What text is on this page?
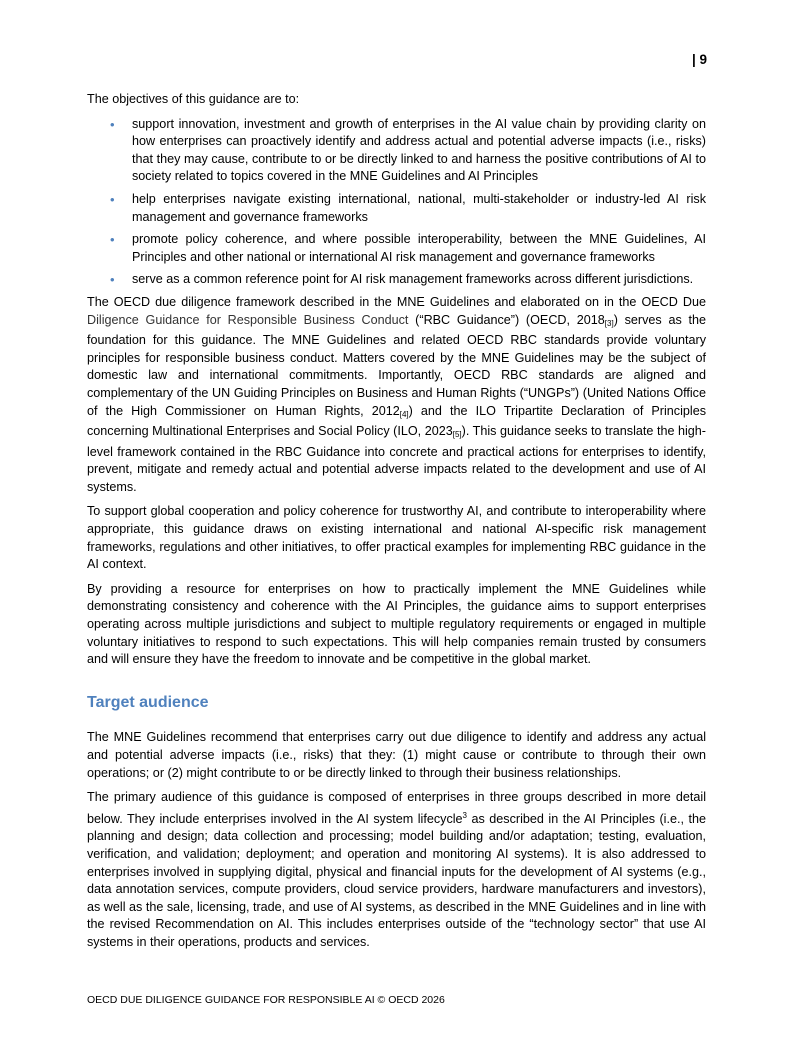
| 9

The objectives of this guidance are to:

• support innovation, investment and growth of enterprises in the AI value chain by providing clarity on how enterprises can proactively identify and address actual and potential adverse impacts (i.e., risks) that they may cause, contribute to or be directly linked to and harness the positive contributions of AI to society related to topics covered in the MNE Guidelines and AI Principles
• help enterprises navigate existing international, national, multi-stakeholder or industry-led AI risk management and governance frameworks
• promote policy coherence, and where possible interoperability, between the MNE Guidelines, AI Principles and other national or international AI risk management and governance frameworks
• serve as a common reference point for AI risk management frameworks across different jurisdictions.

The OECD due diligence framework described in the MNE Guidelines and elaborated on in the OECD Due Diligence Guidance for Responsible Business Conduct (“RBC Guidance”) (OECD, $2018_{[3]}$) serves as the foundation for this guidance. The MNE Guidelines and related OECD RBC standards provide voluntary principles for responsible business conduct. Matters covered by the MNE Guidelines may be the subject of domestic law and international commitments. Importantly, OECD RBC standards are aligned and complementary of the UN Guiding Principles on Business and Human Rights (“UNGPs”) (United Nations Office of the High Commissioner on Human Rights, $2012_{[4]}$) and the ILO Tripartite Declaration of Principles concerning Multinational Enterprises and Social Policy (ILO, $2023_{[5]}$). This guidance seeks to translate the high-level framework contained in the RBC Guidance into concrete and practical actions for enterprises to identify, prevent, mitigate and remedy actual and potential adverse impacts related to the development and use of AI systems.

To support global cooperation and policy coherence for trustworthy AI, and contribute to interoperability where appropriate, this guidance draws on existing international and national AI-specific risk management frameworks, regulations and other initiatives, to offer practical examples for implementing RBC guidance in the AI context.

By providing a resource for enterprises on how to practically implement the MNE Guidelines while demonstrating consistency and coherence with the AI Principles, the guidance aims to support enterprises operating across multiple jurisdictions and subject to multiple regulatory requirements or engaged in multiple voluntary initiatives to respond to such expectations. This will help companies remain trusted by consumers and will ensure they have the freedom to innovate and be competitive in the global market.

Target audience

The MNE Guidelines recommend that enterprises carry out due diligence to identify and address any actual and potential adverse impacts (i.e., risks) that they: (1) might cause or contribute to through their own operations; or (2) might contribute to or be directly linked to through their business relationships.

The primary audience of this guidance is composed of enterprises in three groups described in more detail below. They include enterprises involved in the AI system lifecycle$^3$ as described in the AI Principles (i.e., the planning and design; data collection and processing; model building and/or adaptation; testing, evaluation, verification, and validation; deployment; and operation and monitoring AI systems). It is also addressed to enterprises involved in supplying digital, physical and financial inputs for the development of AI systems (e.g., data annotation services, compute providers, cloud service providers, hardware manufacturers and investors), as well as the sale, licensing, trade, and use of AI systems, as described in the MNE Guidelines and in line with the revised Recommendation on AI. This includes enterprises outside of the “technology sector” that use AI systems in their operations, products and services.

OECD DUE DILIGENCE GUIDANCE FOR RESPONSIBLE AI © OECD 2026
